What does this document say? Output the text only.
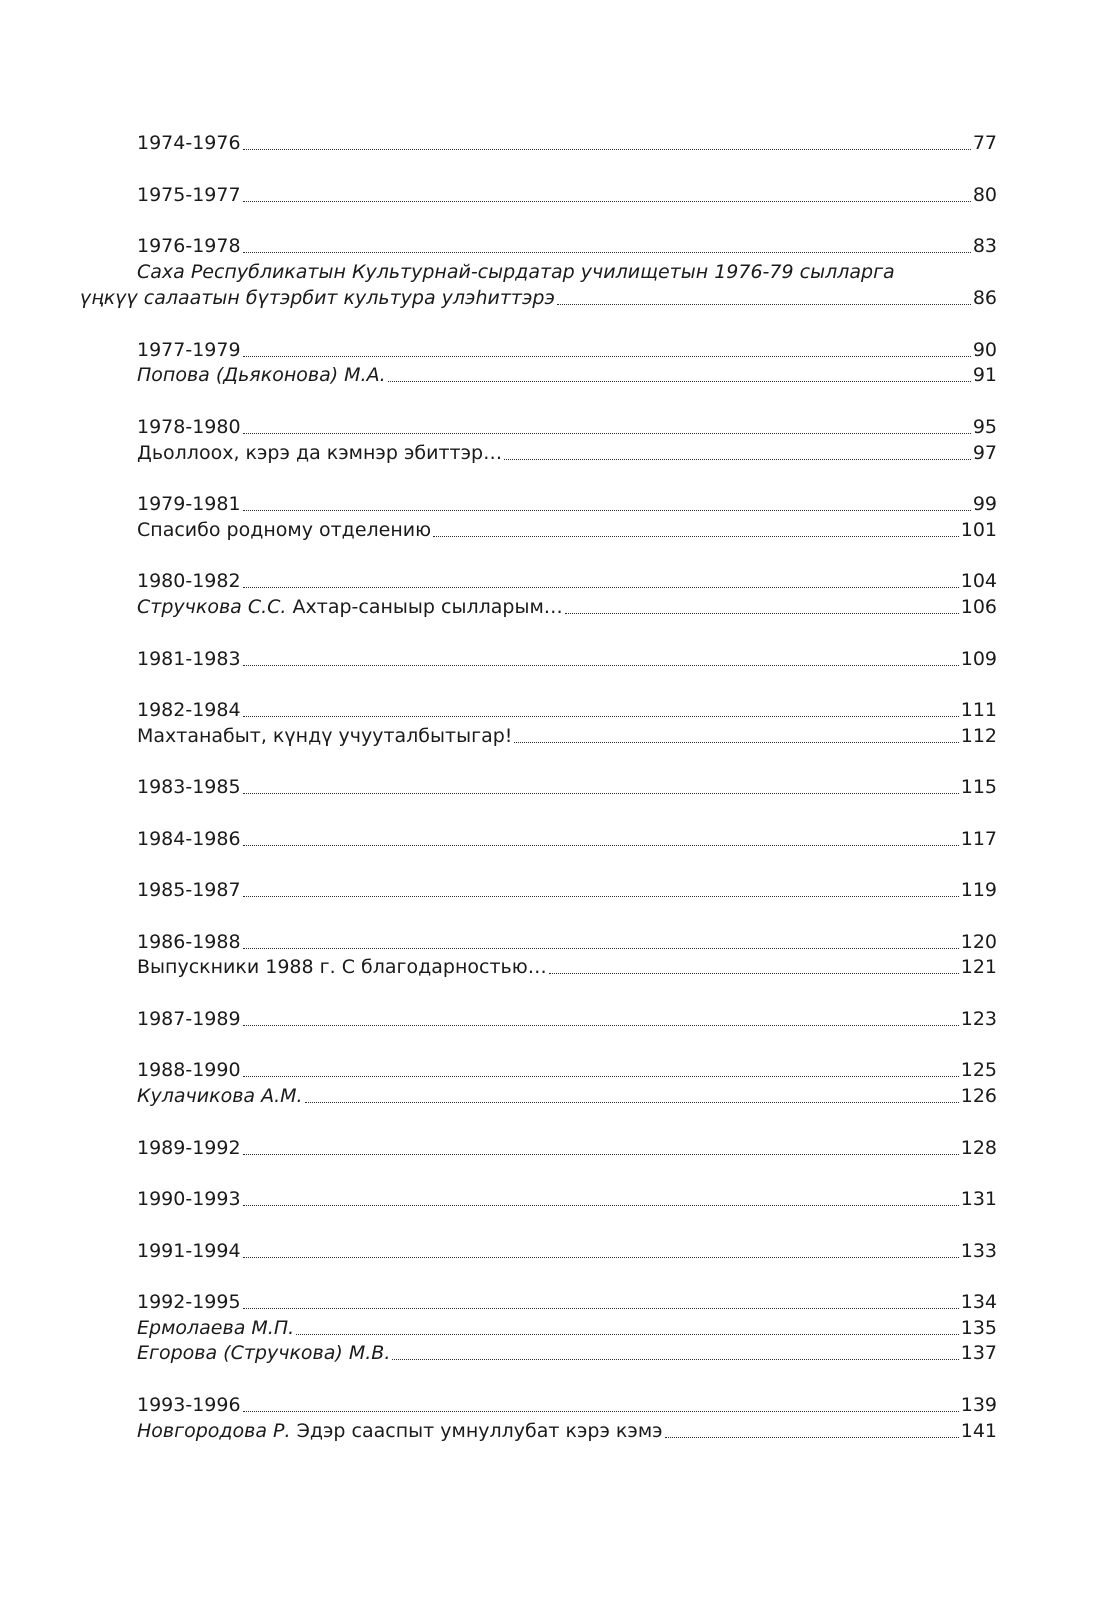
1974-1976	77
1975-1977	80
1976-1978	83
Саха Республикатын Культурнай-сырдатар училищетын 1976-79 сылларга
үңкүү салаатын бүтэрбит культура улэһиттэрэ	86
1977-1979	90
Попова (Дьяконова) М.А.	91
1978-1980	95
Дьоллоох, кэрэ да кэмнэр эбиттэр…	97
1979-1981	99
Спасибо родному отделению	101
1980-1982	104
Стручкова С.С. Ахтар-саныыр сылларым…	106
1981-1983	109
1982-1984	111
Махтанабыт, күндү учууталбытыгар!	112
1983-1985	115
1984-1986	117
1985-1987	119
1986-1988	120
Выпускники 1988 г. С благодарностью…	121
1987-1989	123
1988-1990	125
Кулачикова А.М.	126
1989-1992	128
1990-1993	131
1991-1994	133
1992-1995	134
Ермолаева М.П.	135
Егорова (Стручкова) М.В.	137
1993-1996	139
Новгородова Р. Эдэр сааспыт умнуллубат кэрэ кэмэ	141
